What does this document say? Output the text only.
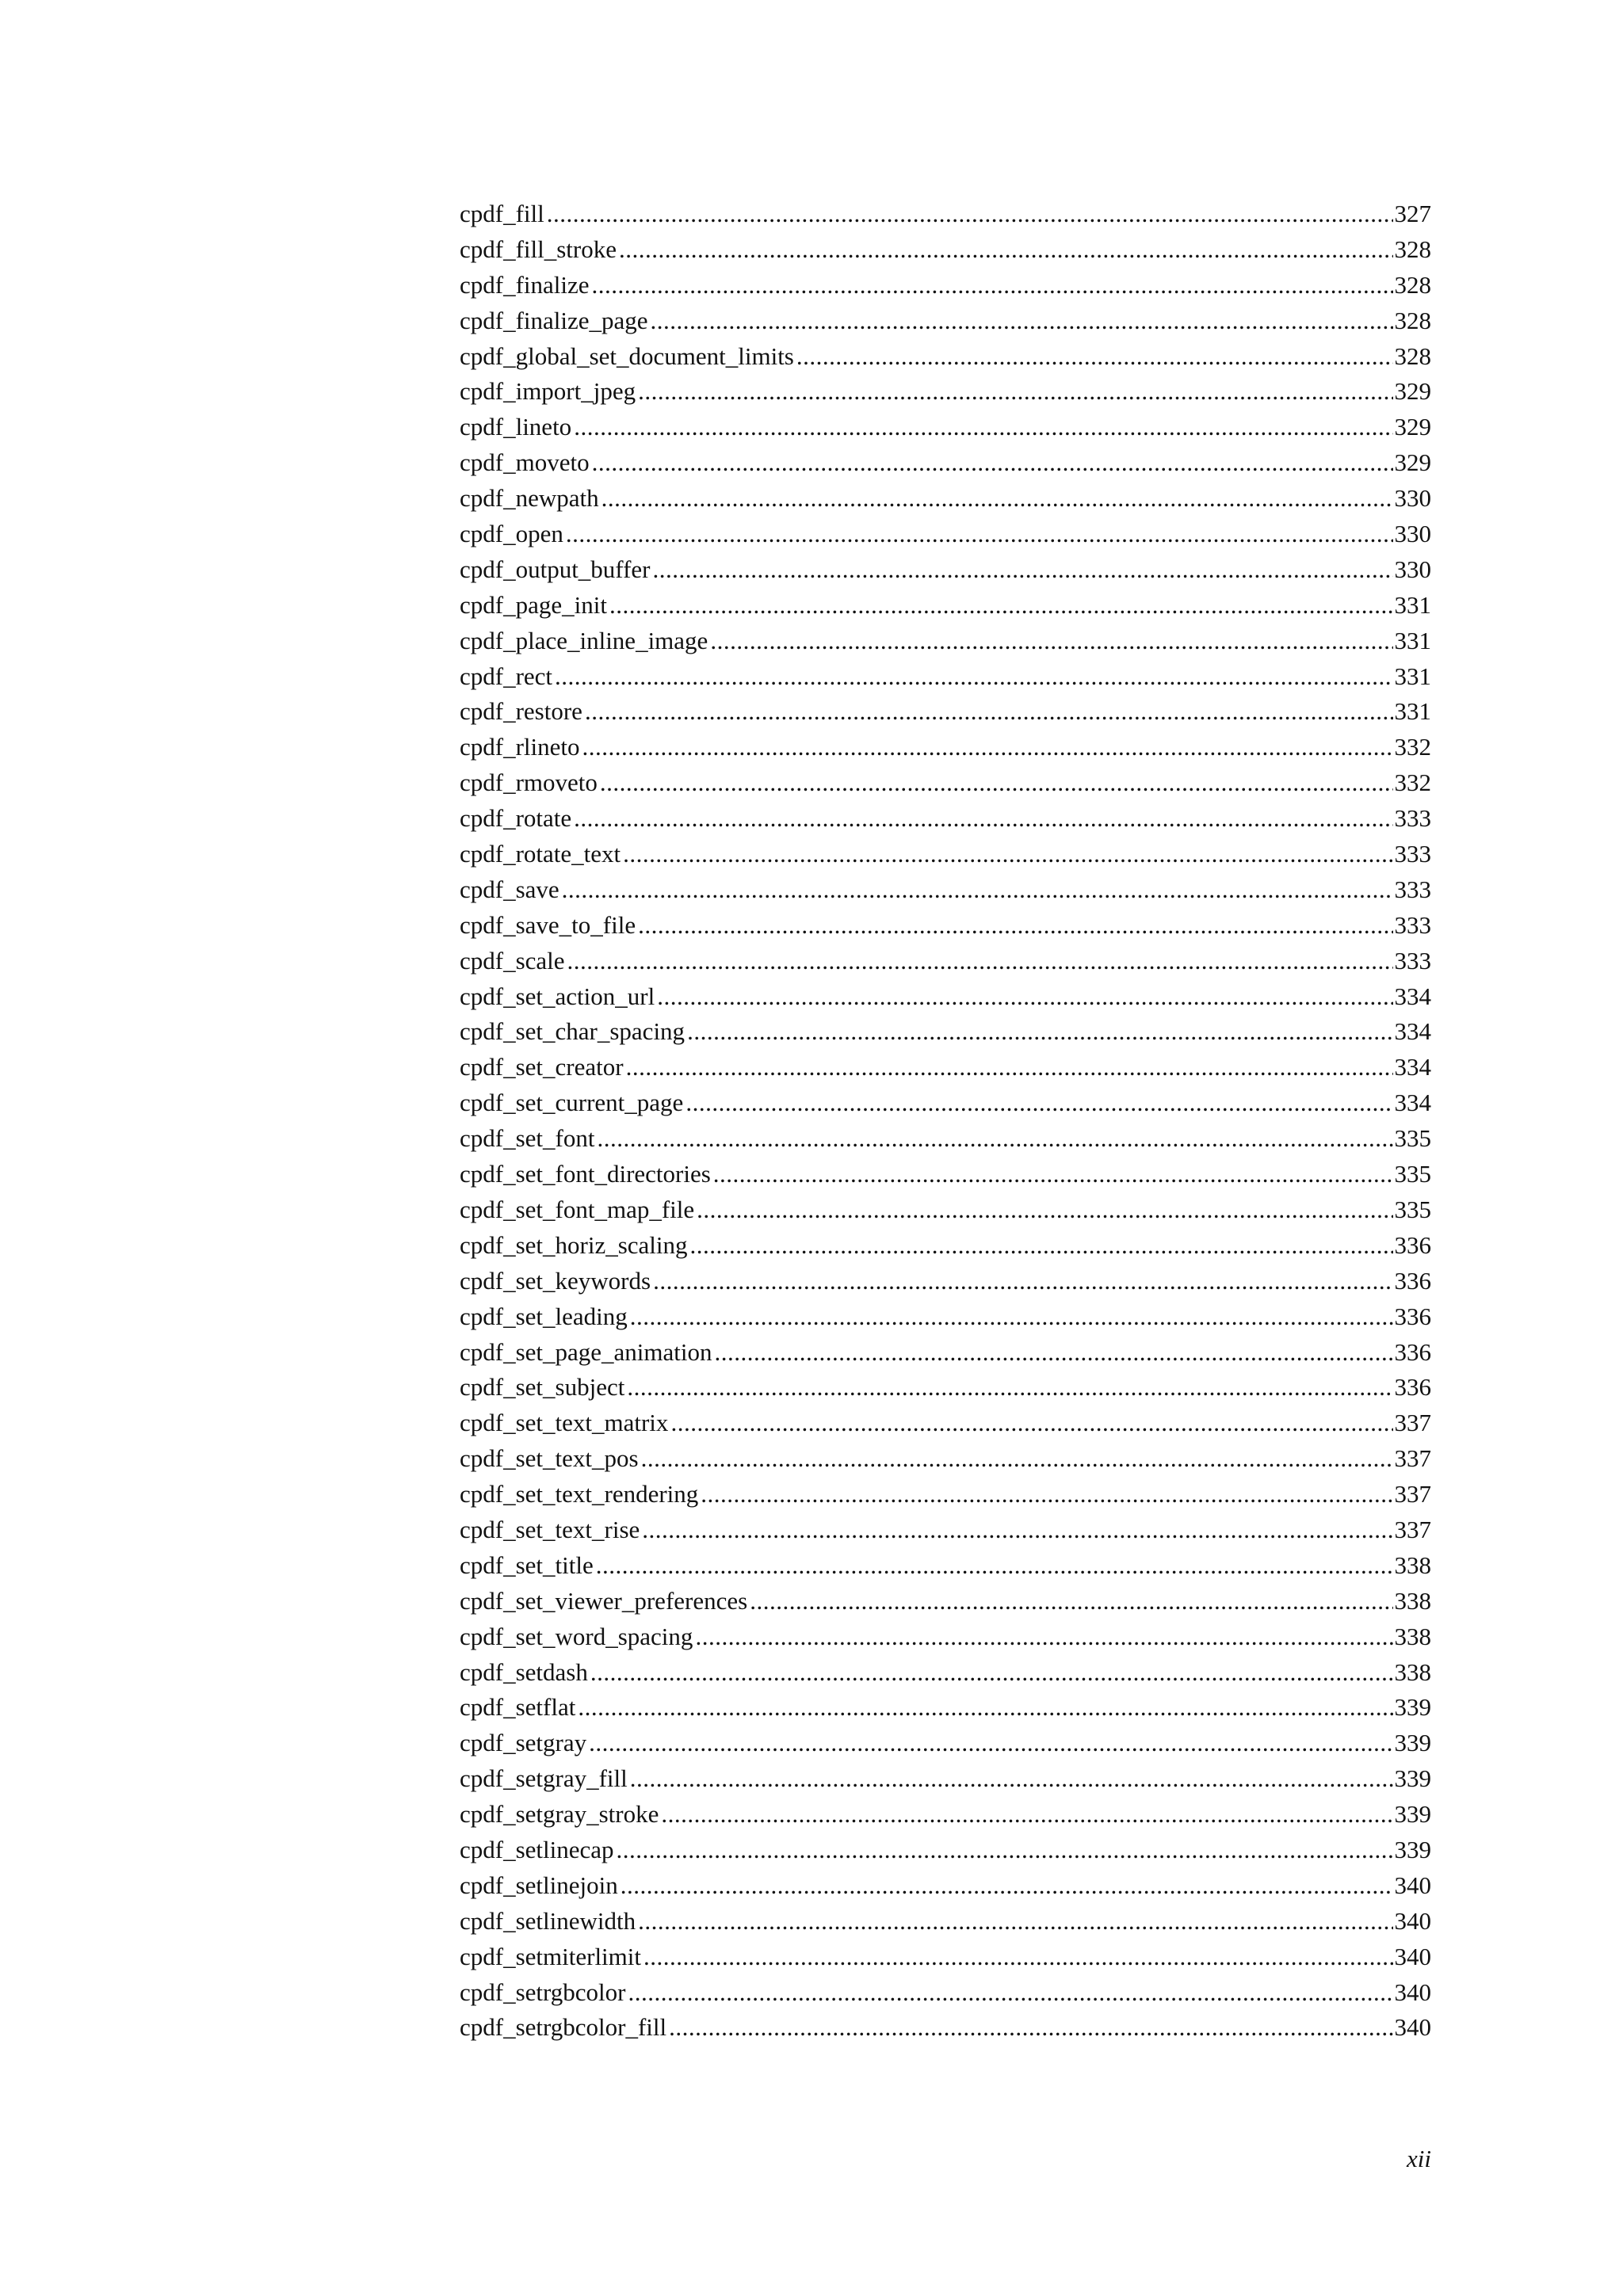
cpdf_fill .....	327
cpdf_fill_stroke .....	328
cpdf_finalize .....	328
cpdf_finalize_page .....	328
cpdf_global_set_document_limits .....	328
cpdf_import_jpeg .....	329
cpdf_lineto .....	329
cpdf_moveto .....	329
cpdf_newpath .....	330
cpdf_open .....	330
cpdf_output_buffer .....	330
cpdf_page_init .....	331
cpdf_place_inline_image .....	331
cpdf_rect .....	331
cpdf_restore .....	331
cpdf_rlineto .....	332
cpdf_rmoveto .....	332
cpdf_rotate .....	333
cpdf_rotate_text .....	333
cpdf_save .....	333
cpdf_save_to_file .....	333
cpdf_scale .....	333
cpdf_set_action_url .....	334
cpdf_set_char_spacing .....	334
cpdf_set_creator .....	334
cpdf_set_current_page .....	334
cpdf_set_font .....	335
cpdf_set_font_directories .....	335
cpdf_set_font_map_file .....	335
cpdf_set_horiz_scaling .....	336
cpdf_set_keywords .....	336
cpdf_set_leading .....	336
cpdf_set_page_animation .....	336
cpdf_set_subject .....	336
cpdf_set_text_matrix .....	337
cpdf_set_text_pos .....	337
cpdf_set_text_rendering .....	337
cpdf_set_text_rise .....	337
cpdf_set_title .....	338
cpdf_set_viewer_preferences .....	338
cpdf_set_word_spacing .....	338
cpdf_setdash .....	338
cpdf_setflat .....	339
cpdf_setgray .....	339
cpdf_setgray_fill .....	339
cpdf_setgray_stroke .....	339
cpdf_setlinecap .....	339
cpdf_setlinejoin .....	340
cpdf_setlinewidth .....	340
cpdf_setmiterlimit .....	340
cpdf_setrgbcolor .....	340
cpdf_setrgbcolor_fill .....	340
xii
